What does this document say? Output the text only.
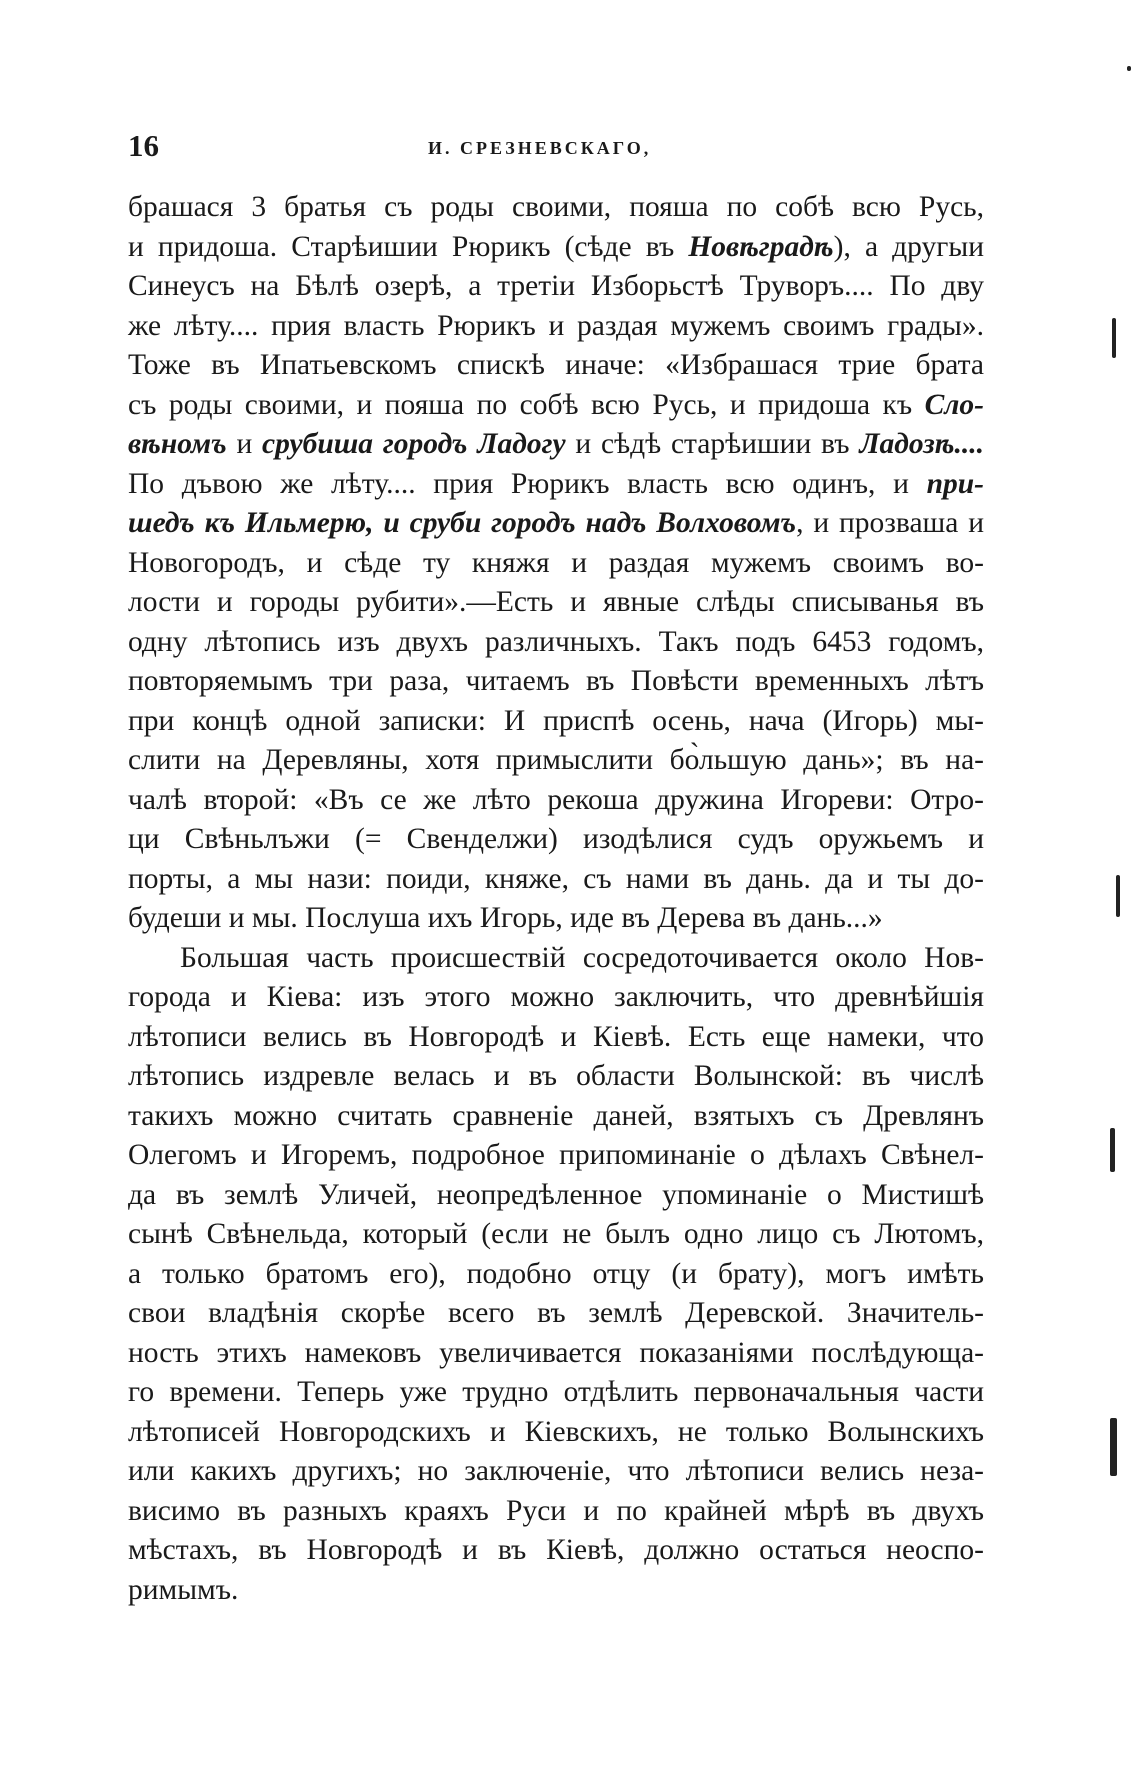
16	И. СРЕЗНЕВСКАГО,
брашася 3 братья съ роды своими, пояша по собѣ всю Русь,
и придоша. Старѣишии Рюрикъ (сѣде въ Новѣградѣ), а другыи
Синеусъ на Бѣлѣ озерѣ, а третiи Изборьстѣ Труворъ.... По дву
же лѣту.... прия власть Рюрикъ и раздая мужемъ своимъ грады».
Тоже въ Ипатьевскомъ спискѣ иначе: «Избрашася трие брата
съ роды своими, и пояша по собѣ всю Русь, и придоша къ Сло-
вѣномъ и срубиша городъ Ладогу и сѣдѣ старѣишии въ Ладозѣ....
По дъвою же лѣту.... прия Рюрикъ власть всю одинъ, и при-
шедъ къ Ильмерю, и сруби городъ надъ Волховомъ, и прозваша и
Новогородъ, и сѣде ту княжя и раздая мужемъ своимъ во-
лости и городы рубити».—Есть и явные слѣды списыванья въ
одну лѣтопись изъ двухъ различныхъ. Такъ подъ 6453 годомъ,
повторяемымъ три раза, читаемъ въ Повѣсти временныхъ лѣтъ
при концѣ одной записки: И приспѣ осень, нача (Игорь) мы-
слити на Деревляны, хотя примыслити бо̀льшую дань»; въ на-
чалѣ второй: «Въ се же лѣто рекоша дружина Игореви: Отро-
ци Свѣньлъжи (= Свенделжи) изодѣлися судъ оружьемъ и
порты, а мы нази: поиди, княже, съ нами въ дань. да и ты до-
будеши и мы. Послуша ихъ Игорь, иде въ Дерева въ дань...»
Большая часть происшествiй сосредоточивается около Нов-
города и Кiева: изъ этого можно заключить, что древнѣйшiя
лѣтописи велись въ Новгородѣ и Кiевѣ. Есть еще намеки, что
лѣтопись издревле велась и въ области Волынской: въ числѣ
такихъ можно считать сравненiе даней, взятыхъ съ Древлянъ
Олегомъ и Игоремъ, подробное припоминанiе о дѣлахъ Свѣнел-
да въ землѣ Уличей, неопредѣленное упоминанiе о Мистишѣ
сынѣ Свѣнельда, который (если не былъ одно лицо съ Лютомъ,
а только братомъ его), подобно отцу (и брату), могъ имѣть
свои владѣнiя скорѣе всего въ землѣ Деревской. Значитель-
ность этихъ намековъ увеличивается показанiями послѣдующа-
го времени. Теперь уже трудно отдѣлить первоначальныя части
лѣтописей Новгородскихъ и Кiевскихъ, не только Волынскихъ
или какихъ другихъ; но заключенiе, что лѣтописи велись неза-
висимо въ разныхъ краяхъ Руси и по крайней мѣрѣ въ двухъ
мѣстахъ, въ Новгородѣ и въ Кiевѣ, должно остаться неоспо-
римымъ.
